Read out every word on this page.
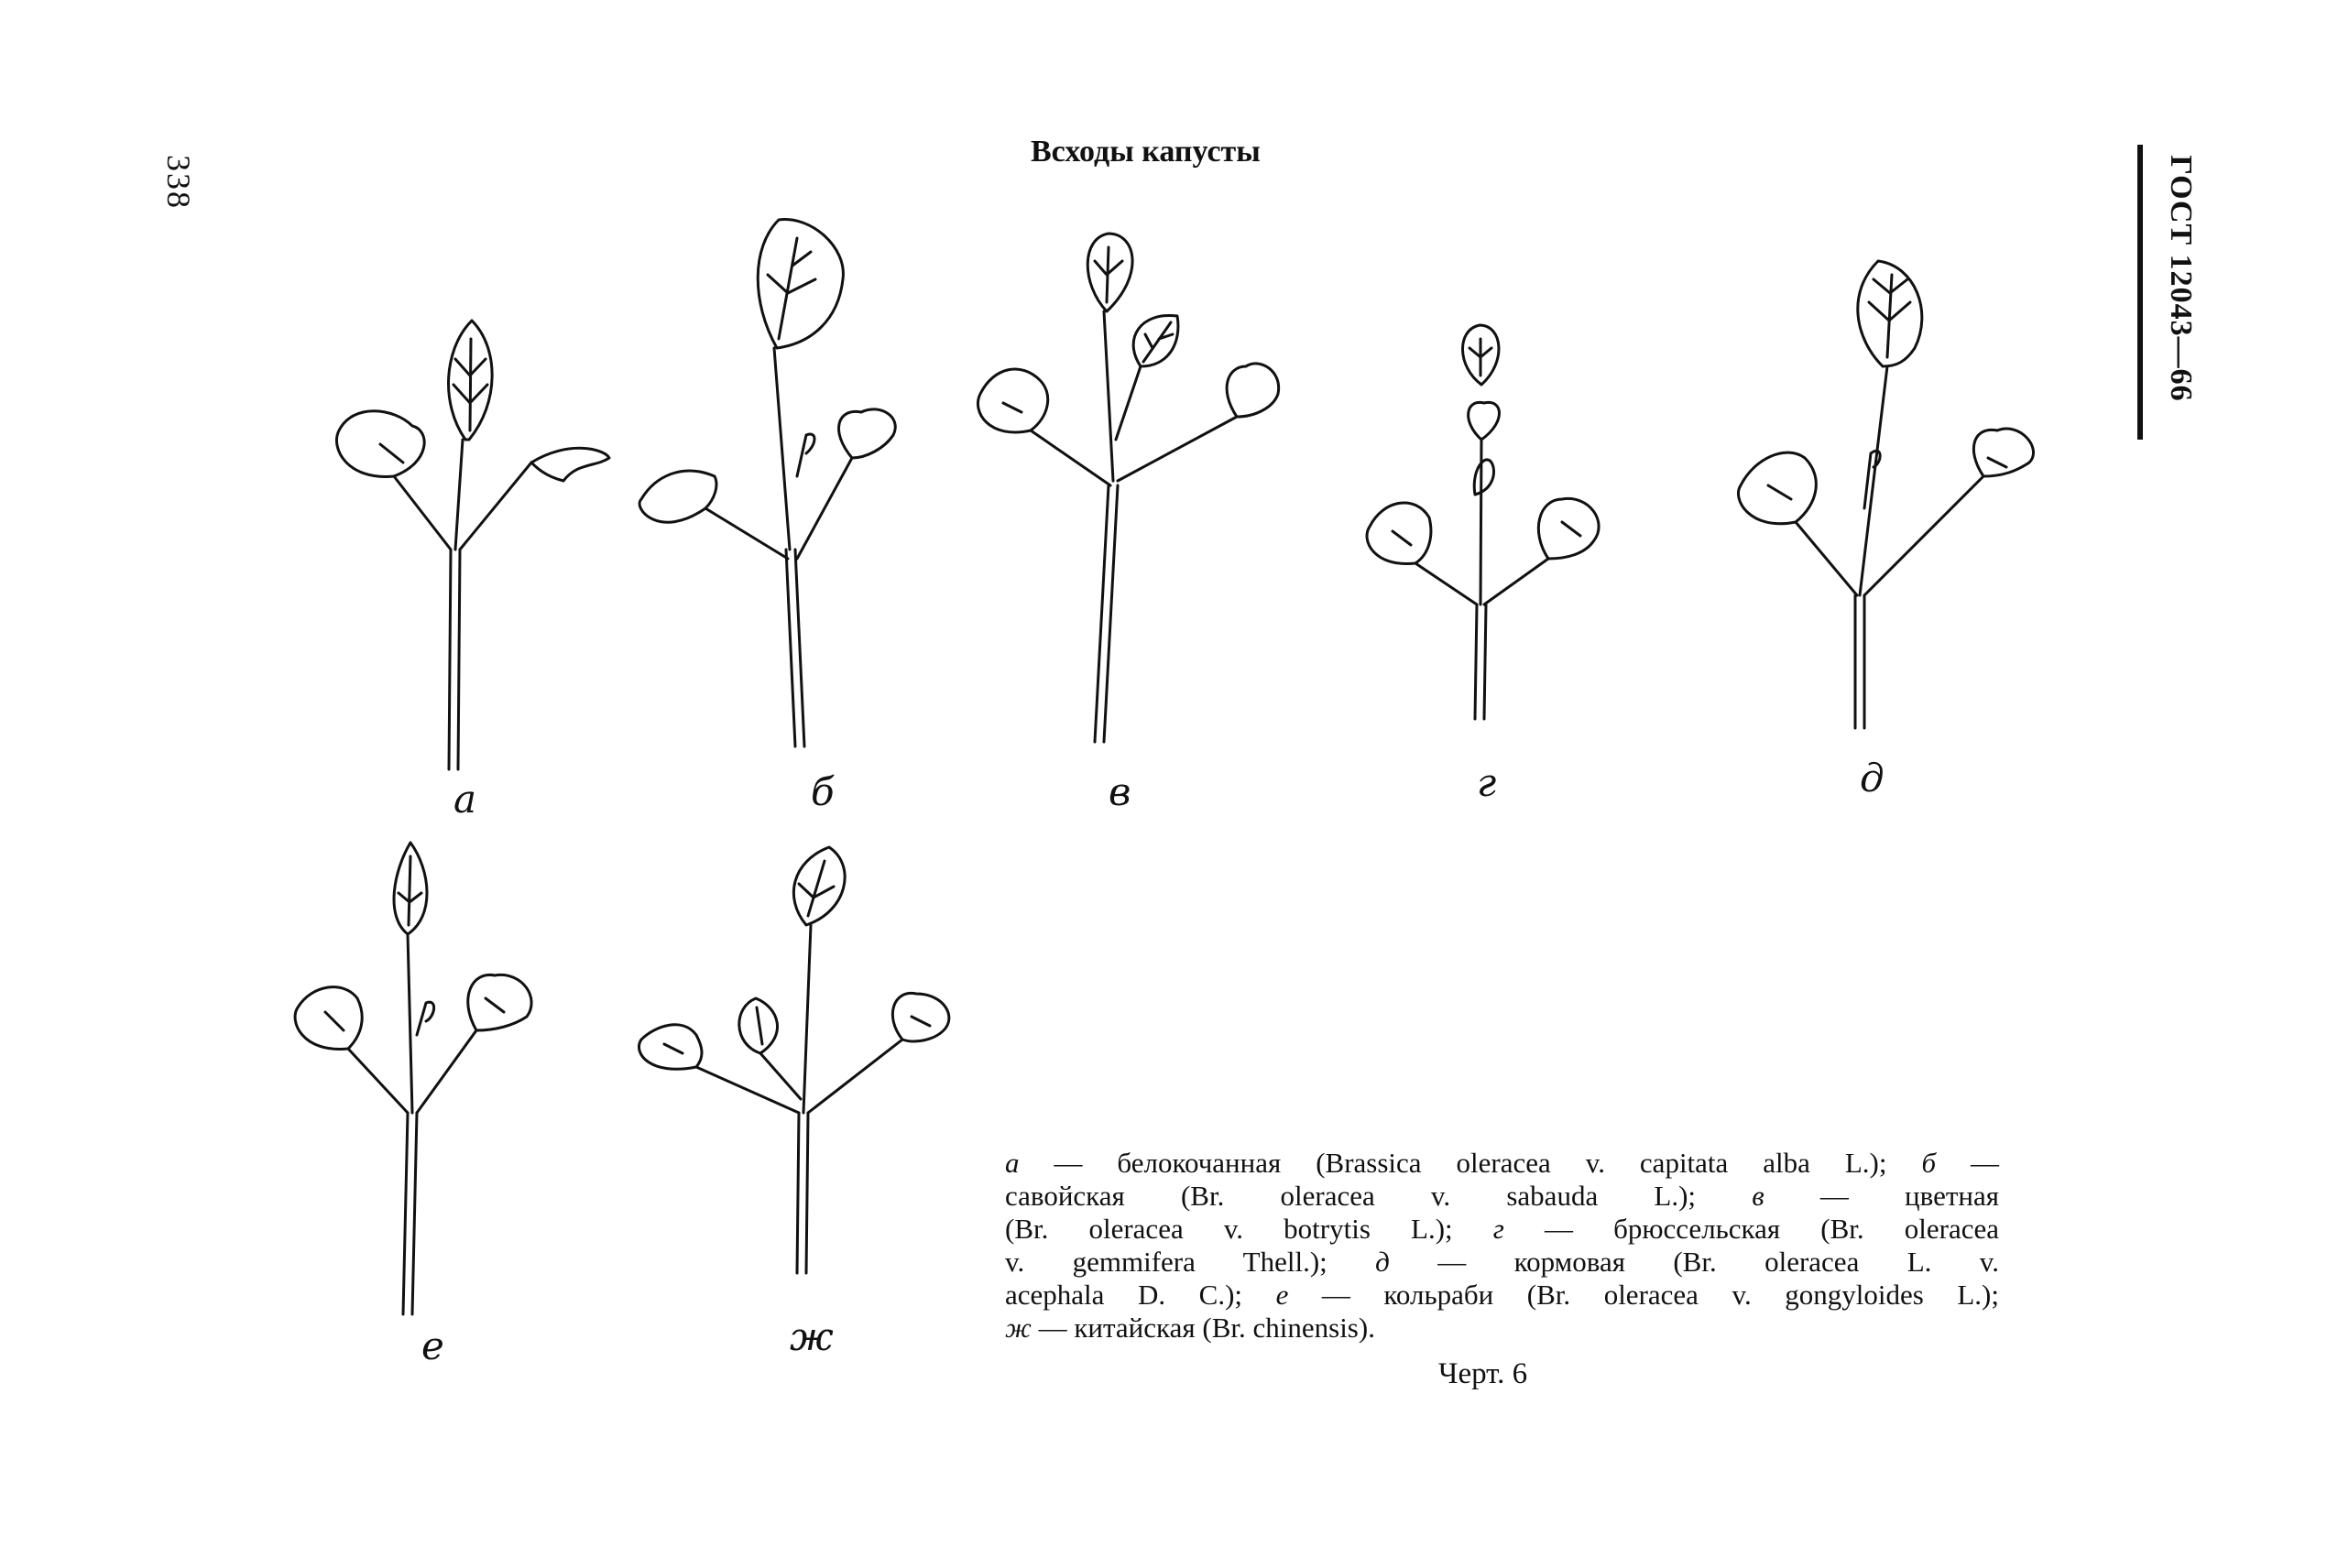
338
Всходы капусты
ГОСТ 12043—66
а	б	в	г	д
е	ж
а — белокочанная (Brassica oleracea v. capitata alba L.); б —
савойская (Br. oleracea v. sabauda L.); в — цветная
(Br. oleracea v. botrytis L.); г — брюссельская (Br. oleracea
v. gemmifera Thell.); д — кормовая (Br. oleracea L. v.
acephala D. C.); е — кольраби (Br. oleracea v. gongyloides L.);
ж — китайская (Br. chinensis).
Черт. 6
